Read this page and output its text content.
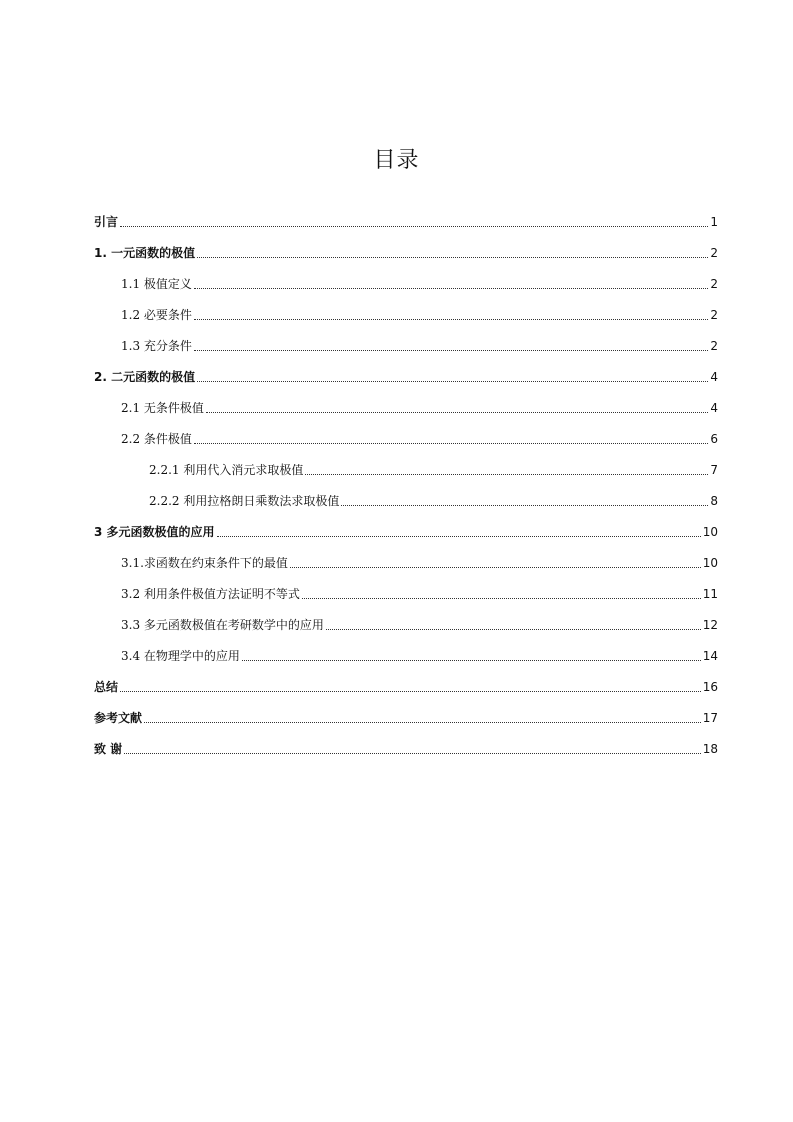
目录
引言	1
1. 一元函数的极值	2
1.1 极值定义	2
1.2 必要条件	2
1.3 充分条件	2
2. 二元函数的极值	4
2.1 无条件极值	4
2.2 条件极值	6
2.2.1 利用代入消元求取极值	7
2.2.2 利用拉格朗日乘数法求取极值	8
3 多元函数极值的应用	10
3.1.求函数在约束条件下的最值	10
3.2 利用条件极值方法证明不等式	11
3.3 多元函数极值在考研数学中的应用	12
3.4 在物理学中的应用	14
总结	16
参考文献	17
致 谢	18
